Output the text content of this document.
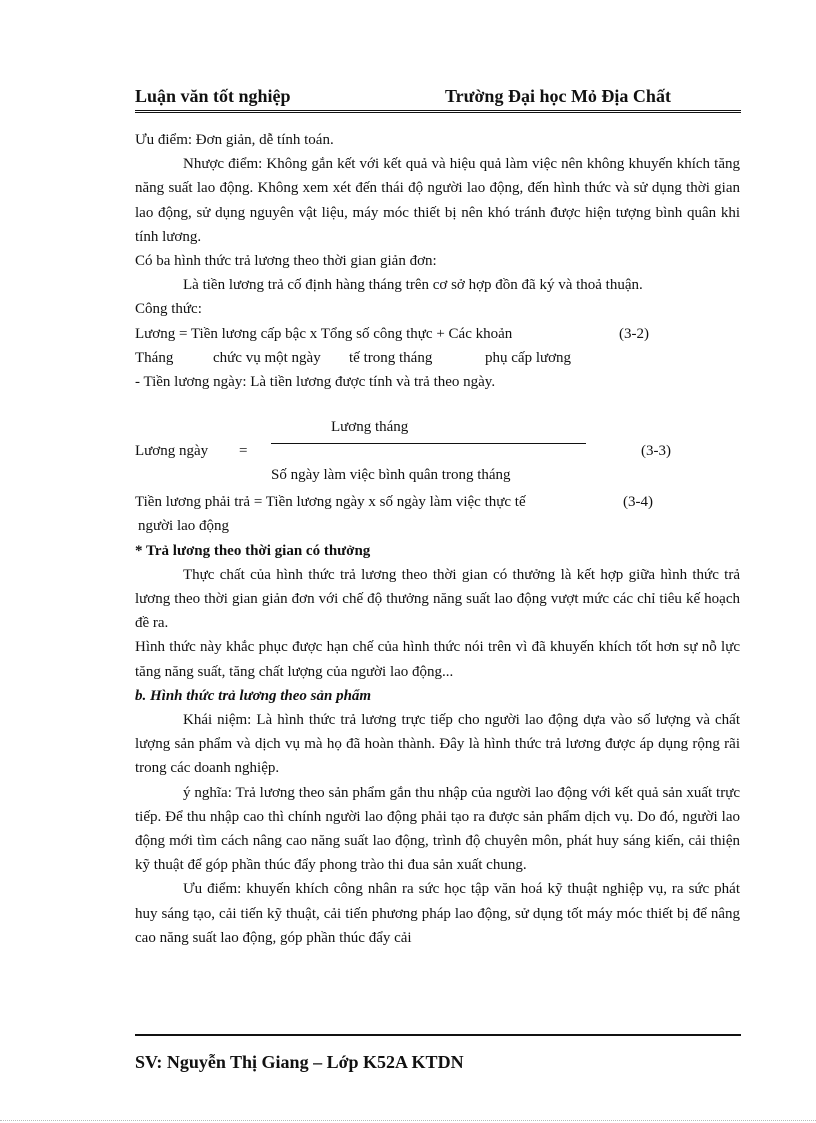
Luận văn tốt nghiệp	Trường Đại học Mỏ Địa Chất

Ưu điểm: Đơn giản, dễ tính toán.

Nhược điểm: Không gắn kết với kết quả và hiệu quả làm việc nên không khuyến khích tăng năng suất lao động. Không xem xét đến thái độ người lao động, đến hình thức và sử dụng thời gian lao động, sử dụng nguyên vật liệu, máy móc thiết bị nên khó tránh được hiện tượng bình quân khi tính lương.

Có ba hình thức trả lương theo thời gian giản đơn:

Là tiền lương trả cố định hàng tháng trên cơ sở hợp đồn đã ký và thoả thuận.

Công thức:

Lương = Tiền lương cấp bậc x Tổng số công thực + Các khoản	(3-2)
Tháng	chức vụ một ngày tế trong tháng	phụ cấp lương

- Tiền lương ngày: Là tiền lương được tính và trả theo ngày.

Lương tháng
Lương ngày =	(3-3)
Số ngày làm việc bình quân trong tháng
Tiền lương phải trả = Tiền lương ngày x số ngày làm việc thực tế	(3-4)
người lao động

* Trả lương theo thời gian có thưởng

Thực chất của hình thức trả lương theo thời gian có thưởng là kết hợp giữa hình thức trả lương theo thời gian giản đơn với chế độ thưởng năng suất lao động vượt mức các chỉ tiêu kế hoạch đề ra.

Hình thức này khắc phục được hạn chế của hình thức nói trên vì đã khuyến khích tốt hơn sự nỗ lực tăng năng suất, tăng chất lượng của người lao động...

b. Hình thức trả lương theo sản phẩm

Khái niệm: Là hình thức trả lương trực tiếp cho người lao động dựa vào số lượng và chất lượng sản phẩm và dịch vụ mà họ đã hoàn thành. Đây là hình thức trả lương được áp dụng rộng rãi trong các doanh nghiệp.

ý nghĩa: Trả lương theo sản phẩm gắn thu nhập của người lao động với kết quả sản xuất trực tiếp. Để thu nhập cao thì chính người lao động phải tạo ra được sản phẩm dịch vụ. Do đó, người lao động mới tìm cách nâng cao năng suất lao động, trình độ chuyên môn, phát huy sáng kiến, cải thiện kỹ thuật để góp phần thúc đẩy phong trào thi đua sản xuất chung.

Ưu điểm: khuyến khích công nhân ra sức học tập văn hoá kỹ thuật nghiệp vụ, ra sức phát huy sáng tạo, cải tiến kỹ thuật, cải tiến phương pháp lao động, sử dụng tốt máy móc thiết bị để nâng cao năng suất lao động, góp phần thúc đẩy cải

SV: Nguyễn Thị Giang – Lớp K52A KTDN
